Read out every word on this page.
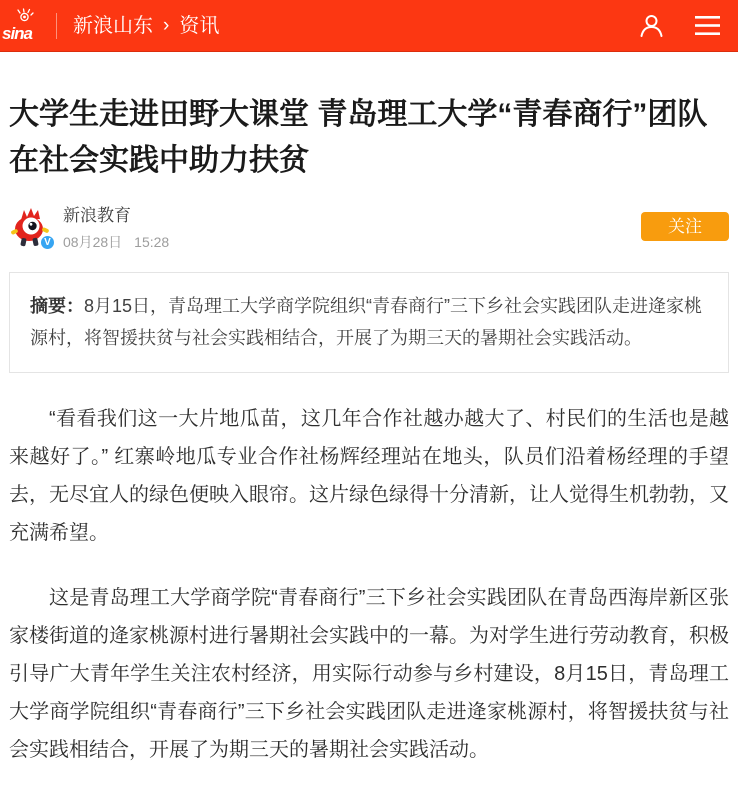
sina 新浪山东 › 资讯
大学生走进田野大课堂 青岛理工大学“青春商行”团队在社会实践中助力扶贫
V
新浪教育
08月28日 15:28
关注
摘要：8月15日，青岛理工大学商学院组织“青春商行”三下乡社会实践团队走进逄家桃源村，将智援扶贫与社会实践相结合，开展了为期三天的暑期社会实践活动。

“看看我们这一大片地瓜苗，这几年合作社越办越大了、村民们的生活也是越来越好了。” 红寨岭地瓜专业合作社杨辉经理站在地头，队员们沿着杨经理的手望去，无尽宜人的绿色便映入眼帘。这片绿色绿得十分清新，让人觉得生机勃勃，又充满希望。

这是青岛理工大学商学院“青春商行”三下乡社会实践团队在青岛西海岸新区张家楼街道的逄家桃源村进行暑期社会实践中的一幕。为对学生进行劳动教育，积极引导广大青年学生关注农村经济，用实际行动参与乡村建设，8月15日，青岛理工大学商学院组织“青春商行”三下乡社会实践团队走进逄家桃源村，将智援扶贫与社会实践相结合，开展了为期三天的暑期社会实践活动。
